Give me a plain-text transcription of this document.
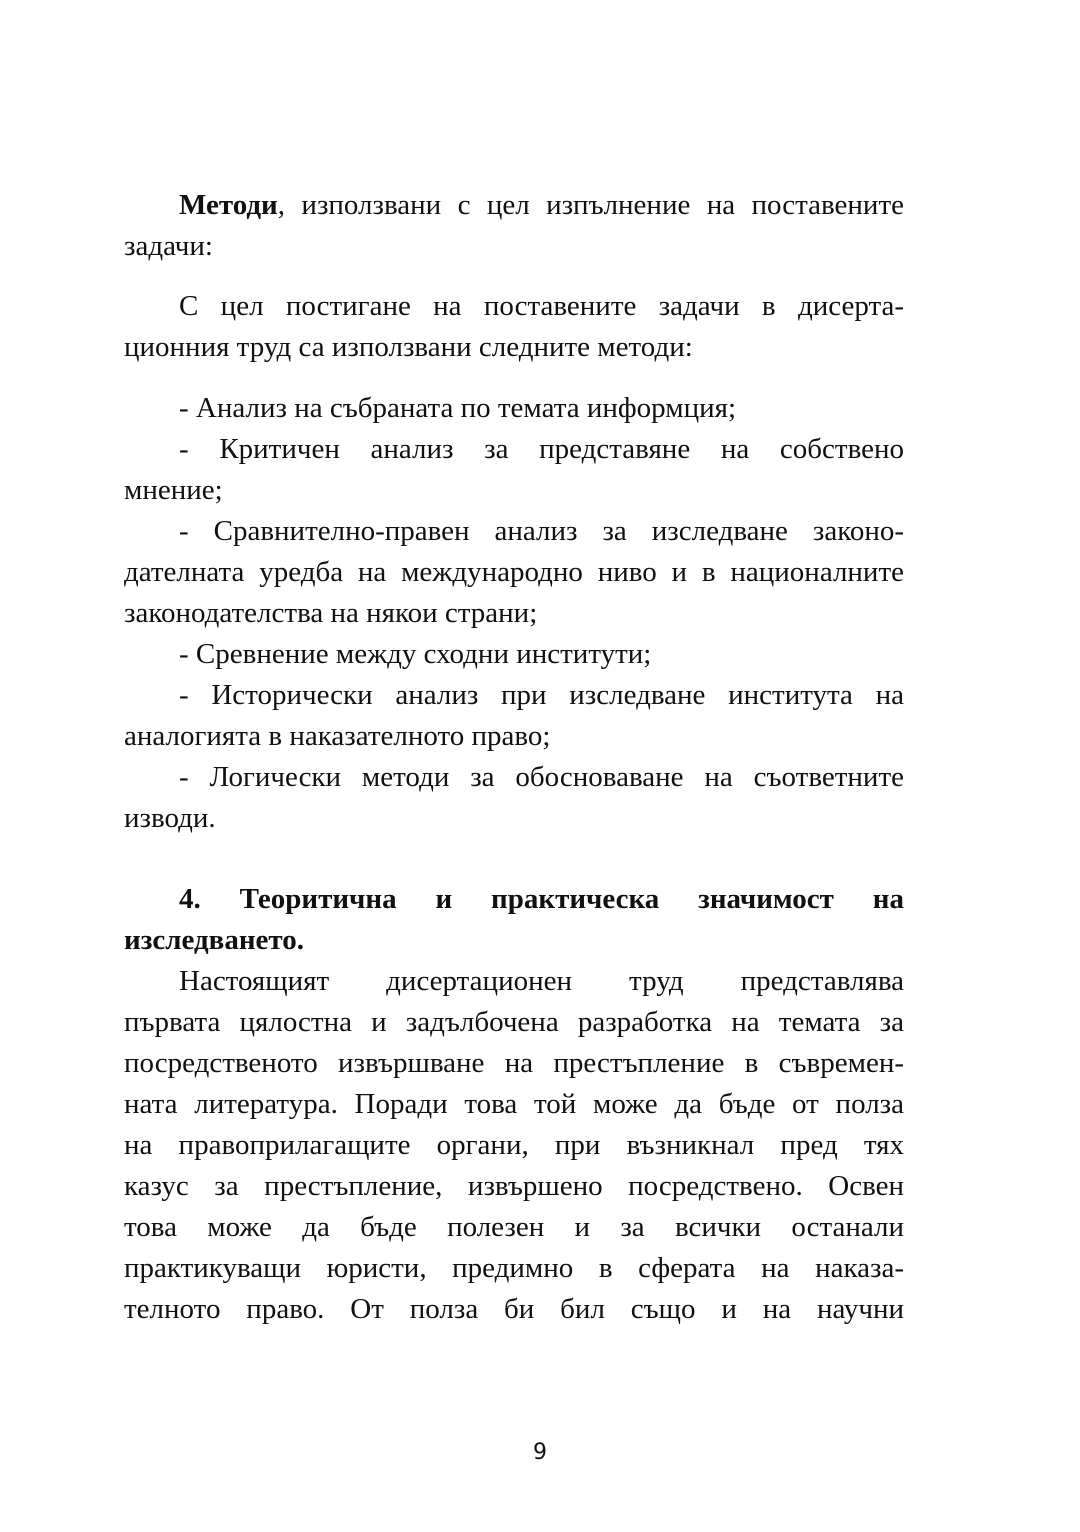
Методи, използвани с цел изпълнение на поставените
задачи:
С цел постигане на поставените задачи в дисерта-
ционния труд са използвани следните методи:
- Анализ на събраната по темата информция;
- Критичен анализ за представяне на собствено
мнение;
- Сравнително-правен анализ за изследване законо-
дателната уредба на международно ниво и в националните
законодателства на някои страни;
- Сревнение между сходни институти;
- Исторически анализ при изследване института на
аналогията в наказателното право;
- Логически методи за обосноваване на съответните
изводи.
4. Теоритична и практическа значимост на
изследването.
Настоящият дисертационен труд представлява
първата цялостна и задълбочена разработка на темата за
посредственото извършване на престъпление в съвремен-
ната литература. Поради това той може да бъде от полза
на правоприлагащите органи, при възникнал пред тях
казус за престъпление, извършено посредствено. Освен
това може да бъде полезен и за всички останали
практикуващи юристи, предимно в сферата на наказа-
телното право. От полза би бил също и на научни
9
